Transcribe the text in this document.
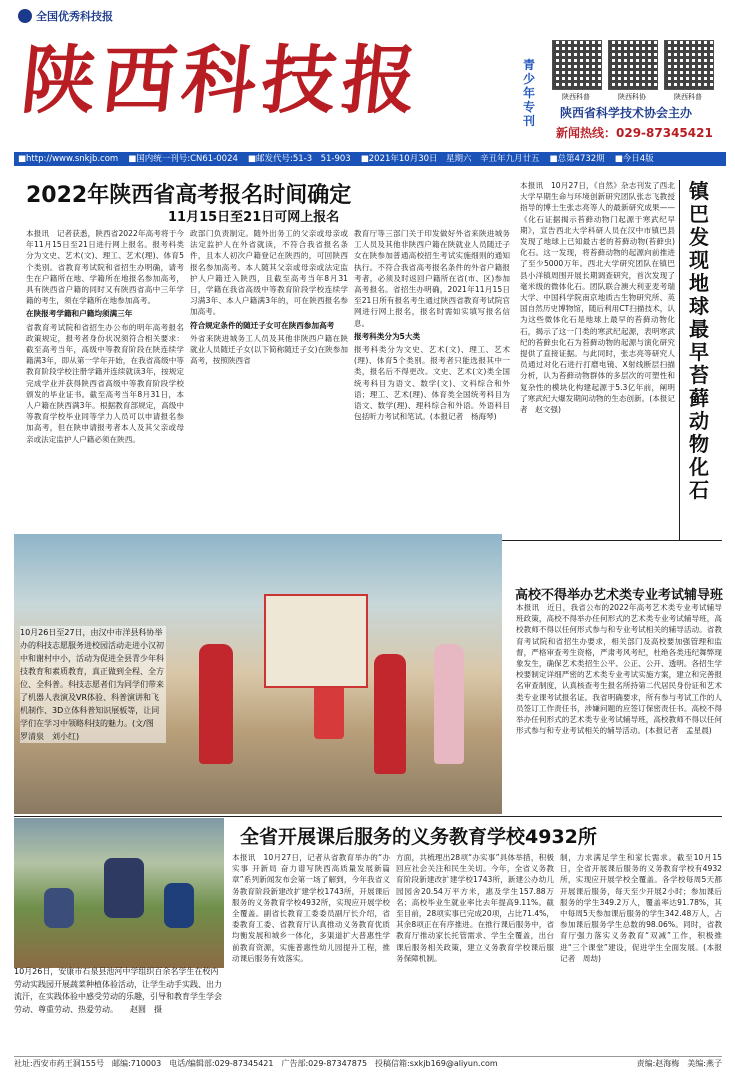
全国优秀科技报
陕西科技报	青少年专刊
陕西科普	陕西科协	陕西科普
陕西省科学技术协会主办
新闻热线：029-87345421
■http://www.snkjb.com ■国内统一刊号:CN61-0024 ■邮发代号:51-3　51-903 ■2021年10月30日　星期六　辛丑年九月廿五 ■总第4732期 ■今日4版
2022年陕西省高考报名时间确定
11月15日至21日可网上报名
本报讯　记者获悉，陕西省2022年高考将于今年11月15日至21日进行网上报名。报考科类分为文史、艺术(文)、理工、艺术(理)、体育5个类别。省教育考试院和省招生办明确，请考生在户籍所在地、学籍所在地报名参加高考，具有陕西省户籍的同时又有陕西省高中三年学籍的考生，须在学籍所在地参加高考。
在陕报考学籍和户籍均须满三年
省教育考试院和省招生办公布的明年高考报名政策规定，报考者身份状况须符合相关要求：截至高考当年，高级中等教育阶段在陕连续学籍满3年，即从第一学年开始，在我省高级中等教育阶段学校注册学籍并连续就读3年，按规定完成学业并获得陕西省高级中等教育阶段学校颁发的毕业证书。截至高考当年8月31日，本人户籍在陕西满3年。根据教育部规定，高级中等教育学校毕业同等学力人员可以申请报名参加高考，但在陕申请报考者本人及其父亲或母亲或法定监护人户籍必须在陕西。
政部门负责制定。随外出务工的父亲或母亲或法定监护人在外省就读，不符合我省报名条件，且本人初次户籍登记在陕西的，可回陕西报名参加高考。本人随其父亲或母亲或法定监护人户籍迁入陕西，且截至高考当年8月31日，学籍在我省高级中等教育阶段学校连续学习满3年、本人户籍满3年的，可在陕西报名参加高考。
符合规定条件的随迁子女可在陕西参加高考
外省来陕进城务工人员及其他非陕西户籍在陕就业人员随迁子女(以下简称随迁子女)在陕参加高考，按照陕西省
教育厅等三部门关于印发做好外省来陕进城务工人员及其他非陕西户籍在陕就业人员随迁子女在陕参加普通高校招生考试实施细则的通知执行。不符合我省高考报名条件的外省户籍报考者，必须及时返回户籍所在省(市、区)参加高考报名。省招生办明确，2021年11月15日至21日所有报名考生通过陕西省教育考试院官网进行网上报名，报名时需如实填写报名信息。
报考科类分为5大类
报考科类分为文史、艺术(文)、理工、艺术(理)、体育5个类别。报考者只能选报其中一类，报名后不得更改。文史、艺术(文)类全国统考科目为语文、数学(文)、文科综合和外语；理工、艺术(理)、体育类全国统考科目为语文、数学(理)、理科综合和外语。外语科目包括听力考试和笔试。(本报记者　杨海琴)
本报讯　10月27日，《自然》杂志刊发了西北大学早期生命与环境创新研究团队张志飞教授指导的博士生张志亮等人的最新研究成果——《化石证据揭示苔藓动物门起源于寒武纪早期》，宣告西北大学科研人员在汉中市镇巴县发现了地球上已知最古老的苔藓动物(苔藓虫)化石。这一发现，将苔藓动物的起源向前推进了至少5000万年。西北大学研究团队在镇巴县小洋镇周围开展长期调查研究，首次发现了毫米级的微体化石。团队联合澳大利亚麦考瑞大学、中国科学院南京地质古生物研究所、英国自然历史博物馆，随后利用CT扫描技术，认为这些微体化石是地球上最早的苔藓动物化石，揭示了这一门类的寒武纪起源，表明寒武纪的苔藓虫化石为苔藓动物的起源与演化研究提供了直接证据。与此同时，张志亮等研究人员通过对化石进行打磨电镜、X射线断层扫描分析，认为苔藓动物群体的多层次的可塑性和复杂性的模块化构建起源于5.3亿年前，阐明了寒武纪大爆发期间动物的生态创新。(本报记者　赵文强)
镇巴发现地球最早苔藓动物化石
10月26日至27日，由汉中市洋县科协举办的科技志愿服务进校园活动走进小汉初中和谢村中小，活动为促进全县青少年科技教育和素质教育，真正做到全程、全方位、全科普。科技志愿者们为同学们带来了机器人表演及VR体验、科普演讲和飞机制作、3D立体科普知识展板等，让同学们在学习中领略科技的魅力。(文/图　罗清泉　刘小红)
高校不得举办艺术类专业考试辅导班
本报讯　近日，我省公布的2022年高考艺术类专业考试辅导班政策，高校不得举办任何形式的艺术类专业考试辅导班，高校教师不得以任何形式参与和专业考试相关的辅导活动。省教育考试院和省招生办要求，相关部门及高校要加强管理和监督，严格审查考生资格，严肃考风考纪，杜绝各类违纪舞弊现象发生，确保艺术类招生公平、公正、公开、透明。各招生学校要制定详细严密的艺术类专业考试实施方案，建立和完善报名审查制度，认真核查考生报名所持第二代居民身份证和艺术类专业课考试报名证。我省明确要求，所有参与考试工作的人员签订工作责任书，涉嫌问题的应签订保密责任书。高校不得举办任何形式的艺术类专业考试辅导班，高校教师不得以任何形式参与和专业考试相关的辅导活动。(本报记者　孟星晨)
10月26日，安康市石泉县池河中学组织百余名学生在校内劳动实践园开展蔬菜种植体验活动，让学生动手实践、出力流汗，在实践体验中感受劳动的乐趣，引导和教育学生学会劳动、尊重劳动、热爱劳动。　　赵圆　摄
全省开展课后服务的义务教育学校4932所
本报讯　10月27日，记者从省教育举办的“办实事 开新局 奋力谱写陕西高质量发展新篇章”系列新闻发布会第一场了解到，今年我省义务教育阶段新建改扩建学校1743所，开展课后服务的义务教育学校4932所，实现应开展学校全覆盖。副省长教育工委委员副厅长介绍，省委教育工委、省教育厅认真推动义务教育优质均衡发展和城乡一体化，多渠道扩大普惠性学前教育资源，实施普惠性幼儿园提升工程，推动课后服务有效落实。
方面，共梳理出28项“办实事”具体举措，积极回应社会关注和民生关切。今年，全省义务教育阶段新建改扩建学校1743所，新建公办幼儿园园舍20.54万平方米，惠及学生157.88万名；高校毕业生就业率比去年提高9.11%。截至目前，28项实事已完成20项，占比71.4%，其余8项正在有序推进。在推行课后服务中，省教育厅推动家长托管需求、学生全覆盖，出台课后服务相关政策，建立义务教育学校课后服务保障机制。
制，力求满足学生和家长需求。截至10月15日，全省开展课后服务的义务教育学校有4932所，实现应开展学校全覆盖。各学校每周5天都开展课后服务，每天至少开展2小时；参加课后服务的学生349.2万人，覆盖率达91.78%，其中每周5天参加课后服务的学生342.48万人，占参加课后服务学生总数的98.06%。同时，省教育厅强力落实义务教育“双减”工作，积极推进“三个课堂”建设，促进学生全面发展。(本报记者　周劫)
社址:西安市药王洞155号　邮编:710003　电话/编辑部:029-87345421　广告部:029-87347875　投稿信箱:sxkjb169@aliyun.com	责编:赵海梅　美编:燕子
